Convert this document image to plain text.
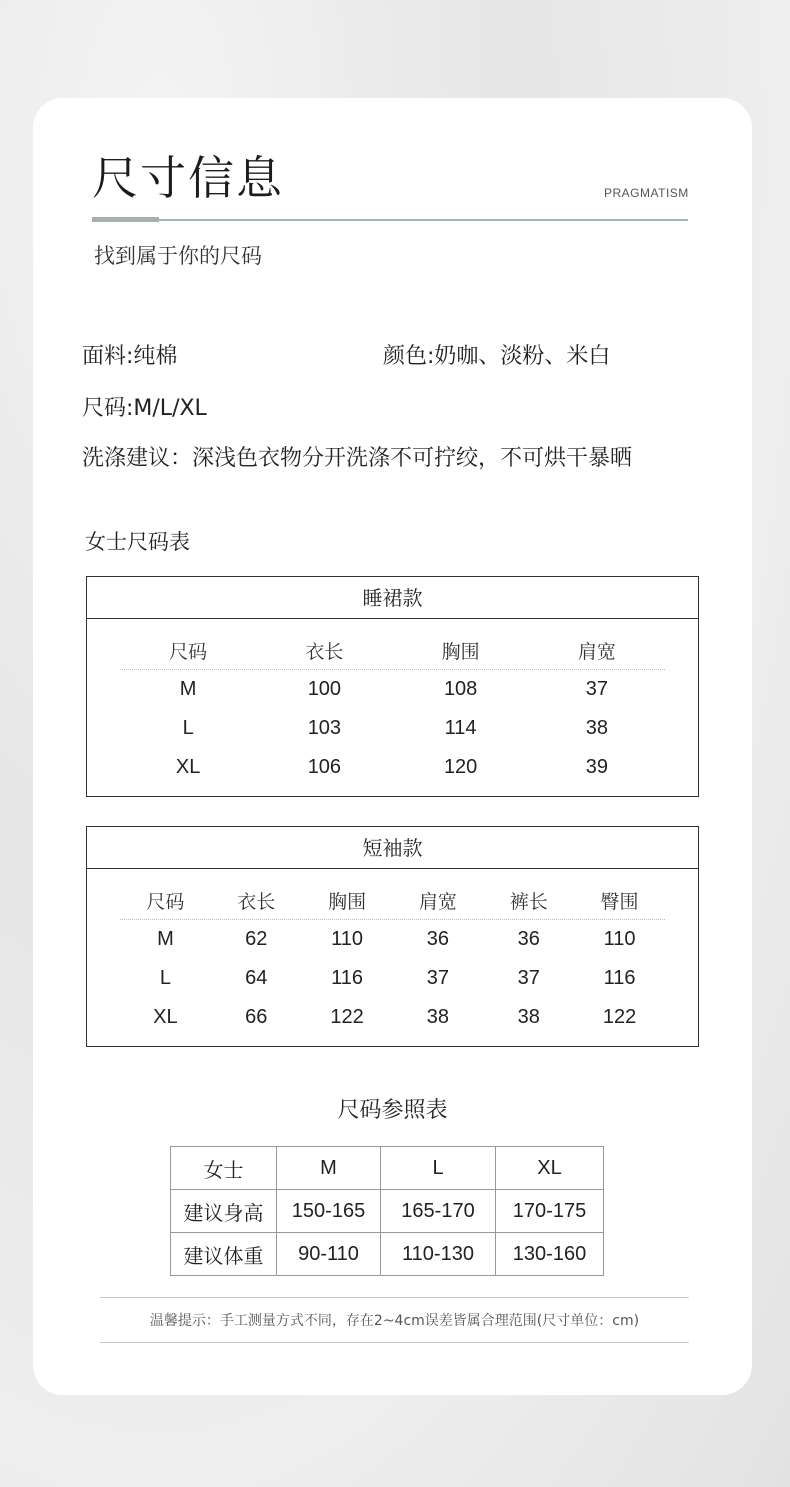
尺寸信息	PRAGMATISM
找到属于你的尺码
面料:纯棉	颜色:奶咖、淡粉、米白
尺码:M/L/XL
洗涤建议：深浅色衣物分开洗涤不可拧绞，不可烘干暴晒
女士尺码表
睡裙款
尺码	衣长	胸围	肩宽
M	100	108	37
L	103	114	38
XL	106	120	39
短袖款
尺码	衣长	胸围	肩宽	裤长	臀围
M	62	110	36	36	110
L	64	116	37	37	116
XL	66	122	38	38	122
尺码参照表
女士	M	L	XL
建议身高	150-165	165-170	170-175
建议体重	90-110	110-130	130-160
温馨提示：手工测量方式不同，存在2~4cm误差皆属合理范围(尺寸单位：cm)
